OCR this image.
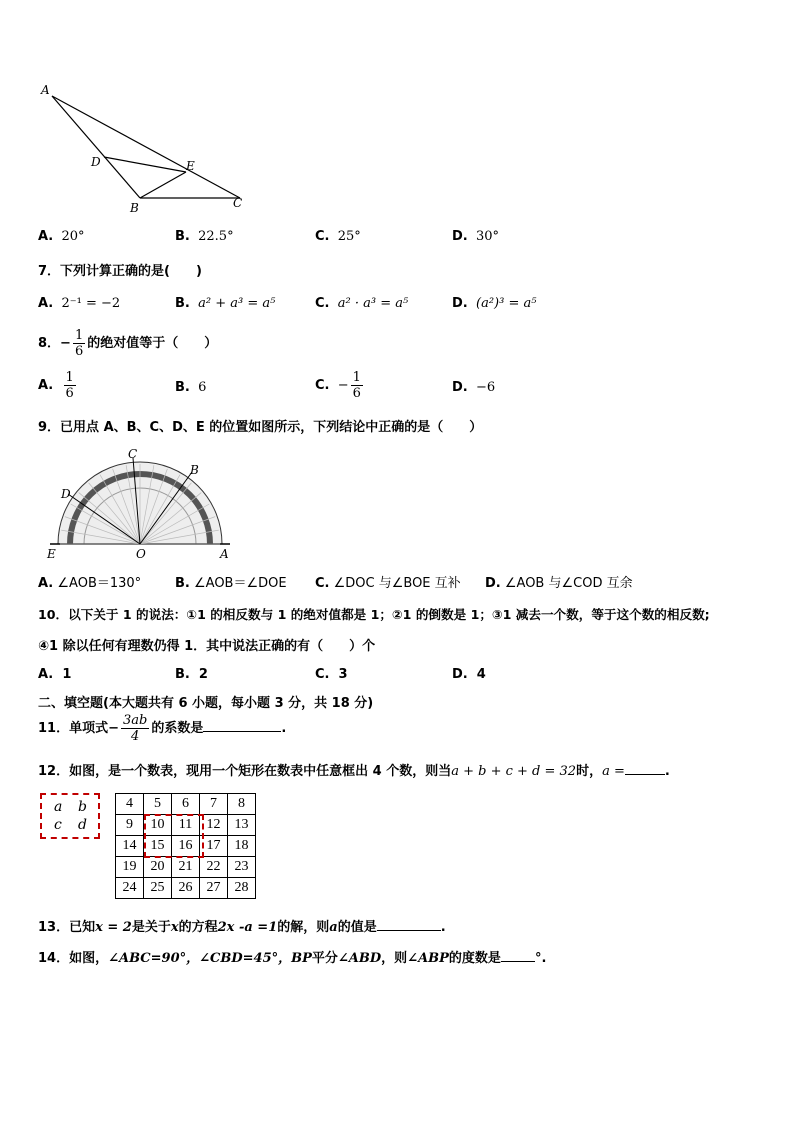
A
D	E
B	C
A. 20°	B. 22.5°	C. 25°	D. 30°
7．下列计算正确的是(　　)
A. 2⁻¹ = −2	B. a² + a³ = a⁵	C. a² · a³ = a⁵	D. (a²)³ = a⁵
8．− $\frac{1}{6}$ 的绝对值等于（　　）
A. $\frac{1}{6}$	B. 6	C. − $\frac{1}{6}$	D. −6
9．已用点 A、B、C、D、E 的位置如图所示，下列结论中正确的是（　　）
C
B
D
E	O	A
A. ∠AOB＝130°	B. ∠AOB＝∠DOE C. ∠DOC 与∠BOE 互补 D. ∠AOB 与∠COD 互余
10．以下关于 1 的说法：①1 的相反数与 1 的绝对值都是 1；②1 的倒数是 1；③1 减去一个数，等于这个数的相反数;
④1 除以任何有理数仍得 1．其中说法正确的有（　　）个
A. 1	B. 2	C. 3	D. 4
二、填空题(本大题共有 6 小题，每小题 3 分，共 18 分)
11．单项式− $\frac{3ab}{4}$ 的系数是	.
12．如图，是一个数表，现用一个矩形在数表中任意框出 4 个数，则当a + b + c + d = 32时，a =	.
a b
c d
4	5	6	7	8
9	10	11	12	13
14	15	16	17	18
19	20	21	22	23
24	25	26	27	28
13．已知x = 2是关于x的方程2x -a =1的解，则a的值是	.
14．如图，∠ABC=90°，∠CBD=45°，BP平分∠ABD，则∠ABP的度数是	°.
